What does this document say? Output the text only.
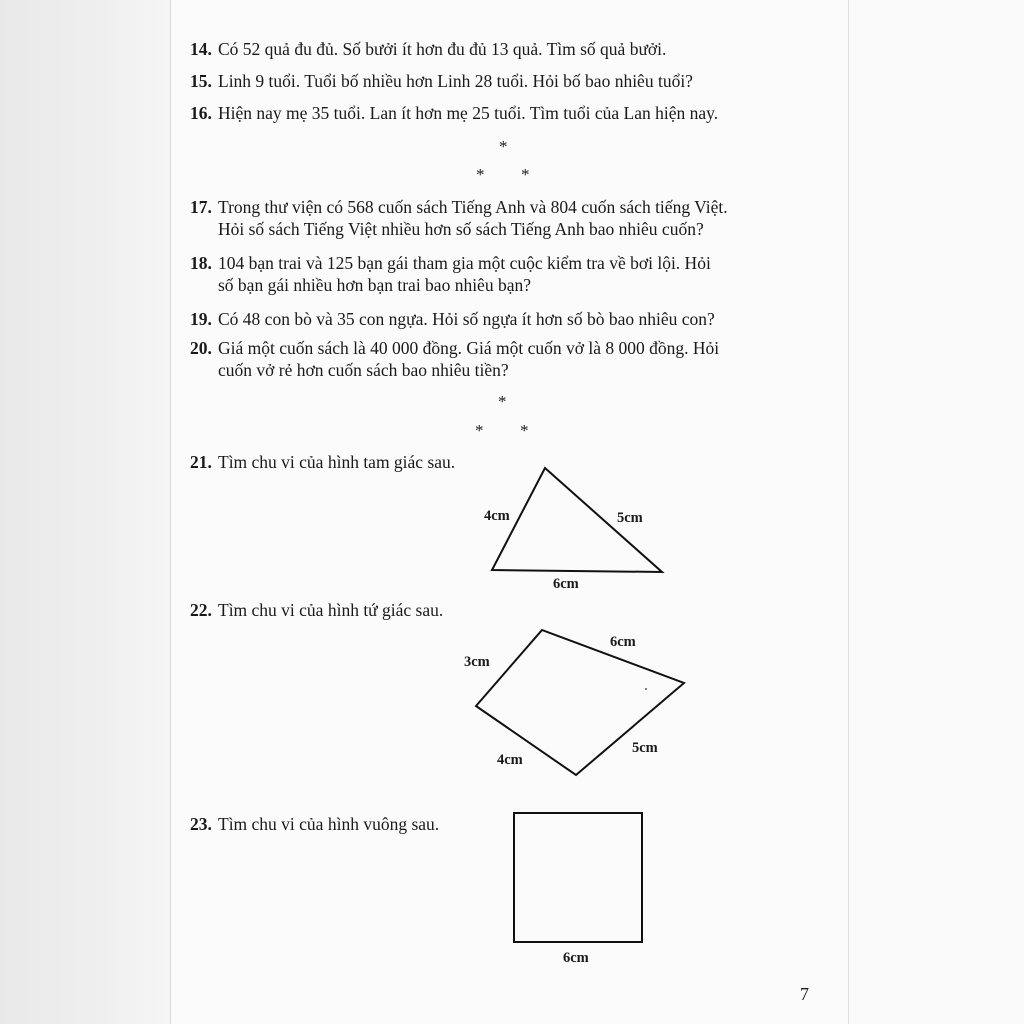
14. Có 52 quả đu đủ. Số bưởi ít hơn đu đủ 13 quả. Tìm số quả bưởi.
15. Linh 9 tuổi. Tuổi bố nhiều hơn Linh 28 tuổi. Hỏi bố bao nhiêu tuổi?
16. Hiện nay mẹ 35 tuổi. Lan ít hơn mẹ 25 tuổi. Tìm tuổi của Lan hiện nay.
*
* *
17. Trong thư viện có 568 cuốn sách Tiếng Anh và 804 cuốn sách tiếng Việt.
Hỏi số sách Tiếng Việt nhiều hơn số sách Tiếng Anh bao nhiêu cuốn?
18. 104 bạn trai và 125 bạn gái tham gia một cuộc kiểm tra về bơi lội. Hỏi
số bạn gái nhiều hơn bạn trai bao nhiêu bạn?
19. Có 48 con bò và 35 con ngựa. Hỏi số ngựa ít hơn số bò bao nhiêu con?
20. Giá một cuốn sách là 40 000 đồng. Giá một cuốn vở là 8 000 đồng. Hỏi
cuốn vở rẻ hơn cuốn sách bao nhiêu tiền?
*
* *
21. Tìm chu vi của hình tam giác sau.
22. Tìm chu vi của hình tứ giác sau.
23. Tìm chu vi của hình vuông sau.
4cm	5cm
6cm
3cm
6cm
4cm
5cm
6cm
7
